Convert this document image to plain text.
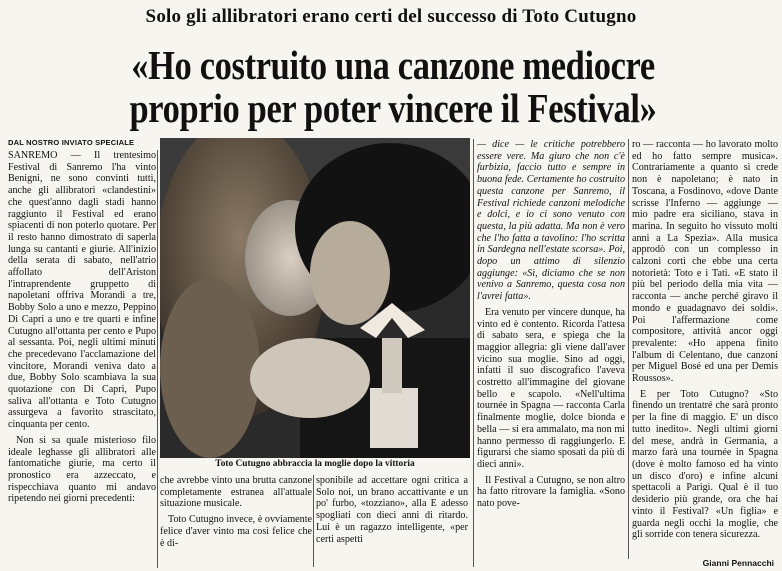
Solo gli allibratori erano certi del successo di Toto Cutugno
«Ho costruito una canzone mediocre
proprio per poter vincere il Festival»
DAL NOSTRO INVIATO SPECIALE

SANREMO — Il trentesimo Festival di Sanremo l'ha vinto Benigni, ne sono convinti tutti, anche gli allibratori «clandestini» che quest'anno dagli stadi hanno raggiunto il Festival ed erano spiacenti di non poterlo quotare. Per il resto hanno dimostrato di saperla lunga su cantanti e giurie. All'inizio della serata di sabato, nell'atrio affollato dell'Ariston l'intraprendente gruppetto di napoletani offriva Morandi a tre, Bobby Solo a uno e mezzo, Peppino Di Capri a uno e tre quarti e infine Cutugno all'ottanta per cento e Pupo al sessanta. Poi, negli ultimi minuti che precedevano l'acclamazione del vincitore, Morandi veniva dato a due, Bobby Solo scambiava la sua quotazione con Di Capri, Pupo saliva all'ottanta e Toto Cutugno assurgeva a favorito strascitato, cinquanta per cento.

Non si sa quale misterioso filo ideale leghasse gli allibratori alle fantomatiche giurie, ma certo il pronostico era azzeccato, e rispecchiava quanto mi andavo ripetendo nei giorni precedenti:

Toto Cutugno abbraccia la moglie dopo la vittoria

che avrebbe vinto una brutta canzone completamente estranea all'attuale situazione musicale.

Toto Cutugno invece, è ovviamente felice d'aver vinto ma così felice che è di-

sponibile ad accettare ogni critica a Solo noi, un brano accattivante e un po' furbo, «tozziano», alla E adesso spogliati con dieci anni di ritardo. Lui è un ragazzo intelligente, «per certi aspetti

— dice — le critiche potrebbero essere vere. Ma giuro che non c'è furbizia, faccio tutto e sempre in buona fede. Certamente ho costruito questa canzone per Sanremo, il Festival richiede canzoni melodiche e dolci, e io ci sono venuto con questa, la più adatta. Ma non è vero che l'ho fatta a tavolino: l'ho scritta in Sardegna nell'estate scorsa». Poi, dopo un attimo di silenzio aggiunge: «Sì, diciamo che se non venivo a Sanremo, questa cosa non l'avrei fatta».

Era venuto per vincere dunque, ha vinto ed è contento. Ricorda l'attesa di sabato sera, e spiega che la maggior allegria: gli viene dall'aver vicino sua moglie. Sino ad oggi, infatti il suo discografico l'aveva costretto all'immagine del giovane bello e scapolo. «Nell'ultima tournée in Spagna — racconta Carla finalmente moglie, dolce bionda e bella — si era ammalato, ma non mi hanno permesso di raggiungerlo. E figurarsi che siamo sposati da più di dieci anni».

Il Festival a Cutugno, se non altro ha fatto ritrovare la famiglia. «Sono nato pove-

ro — racconta — ho lavorato molto ed ho fatto sempre musica». Contrariamente a quanto si crede non è napoletano; è nato in Toscana, a Fosdinovo, «dove Dante scrisse l'Inferno — aggiunge — mio padre era siciliano, stava in marina. In seguito ho vissuto molti anni a La Spezia». Alla musica approdò con un complesso in calzoni corti che ebbe una certa notorietà: Toto e i Tati. «E stato il più bel periodo della mia vita — racconta — anche perché giravo il mondo e guadagnavo dei soldi». Poi l'affermazione come compositore, attività ancor oggi prevalente: «Ho appena finito l'album di Celentano, due canzoni per Miguel Bosé ed una per Demis Roussos».

E per Toto Cutugno? «Sto finendo un trentatré che sarà pronto per la fine di maggio. E' un disco tutto inedito». Negli ultimi giorni del mese, andrà in Germania, a marzo farà una tournée in Spagna (dove è molto famoso ed ha vinto un disco d'oro) e infine alcuni spettacoli a Parigi. Qual è il tuo desiderio più grande, ora che hai vinto il Festival? «Un figlia» e guarda negli occhi la moglie, che gli sorride con tenera sicurezza.

Gianni Pennacchi
